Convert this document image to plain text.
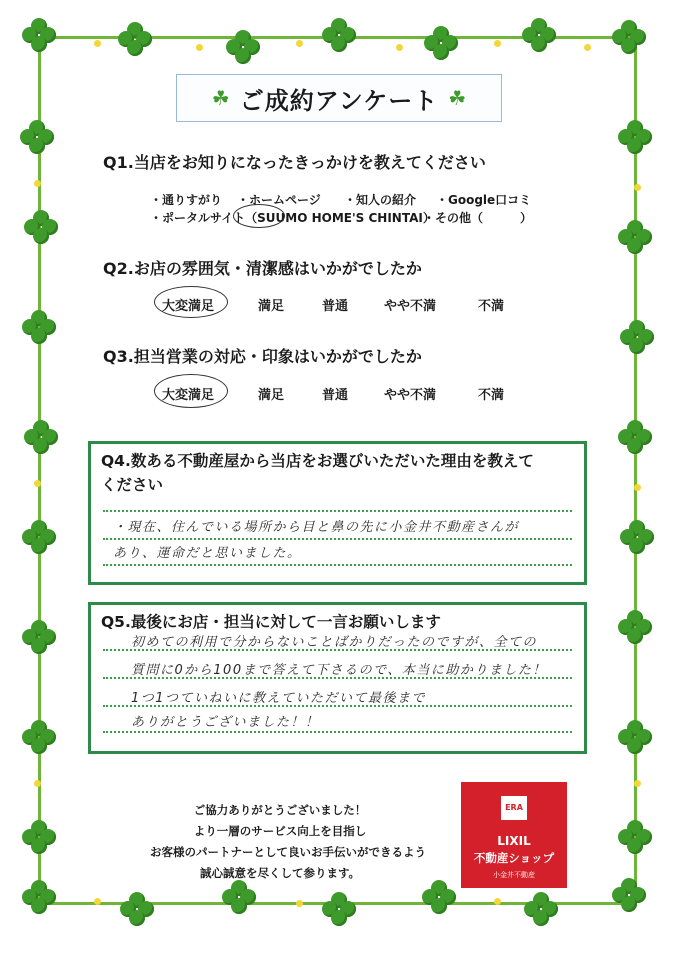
☘ ご成約アンケート ☘
Q1.当店をお知りになったきっかけを教えてください
・通りすがり ・ホームページ ・知人の紹介 ・Google口コミ
・ポータルサイト（SUUMO HOME'S CHINTAI）
・その他（	）
Q2.お店の雰囲気・清潔感はいかがでしたか
大変満足	満足	普通	やや不満	不満
Q3.担当営業の対応・印象はいかがでしたか
大変満足	満足	普通	やや不満	不満
Q4.数ある不動産屋から当店をお選びいただいた理由を教えて
ください
・現在、住んでいる場所から目と鼻の先に小金井不動産さんが
あり、運命だと思いました。
Q5.最後にお店・担当に対して一言お願いします
初めての利用で分からないことばかりだったのですが、全ての
質問に0から100まで答えて下さるので、本当に助かりました！
1つ1つていねいに教えていただいて最後まで
ありがとうございました！！
ご協力ありがとうございました！
より一層のサービス向上を目指し
お客様のパートナーとして良いお手伝いができるよう
誠心誠意を尽くして参ります。
ERA
LIXIL
不動産ショップ
小金井不動産
